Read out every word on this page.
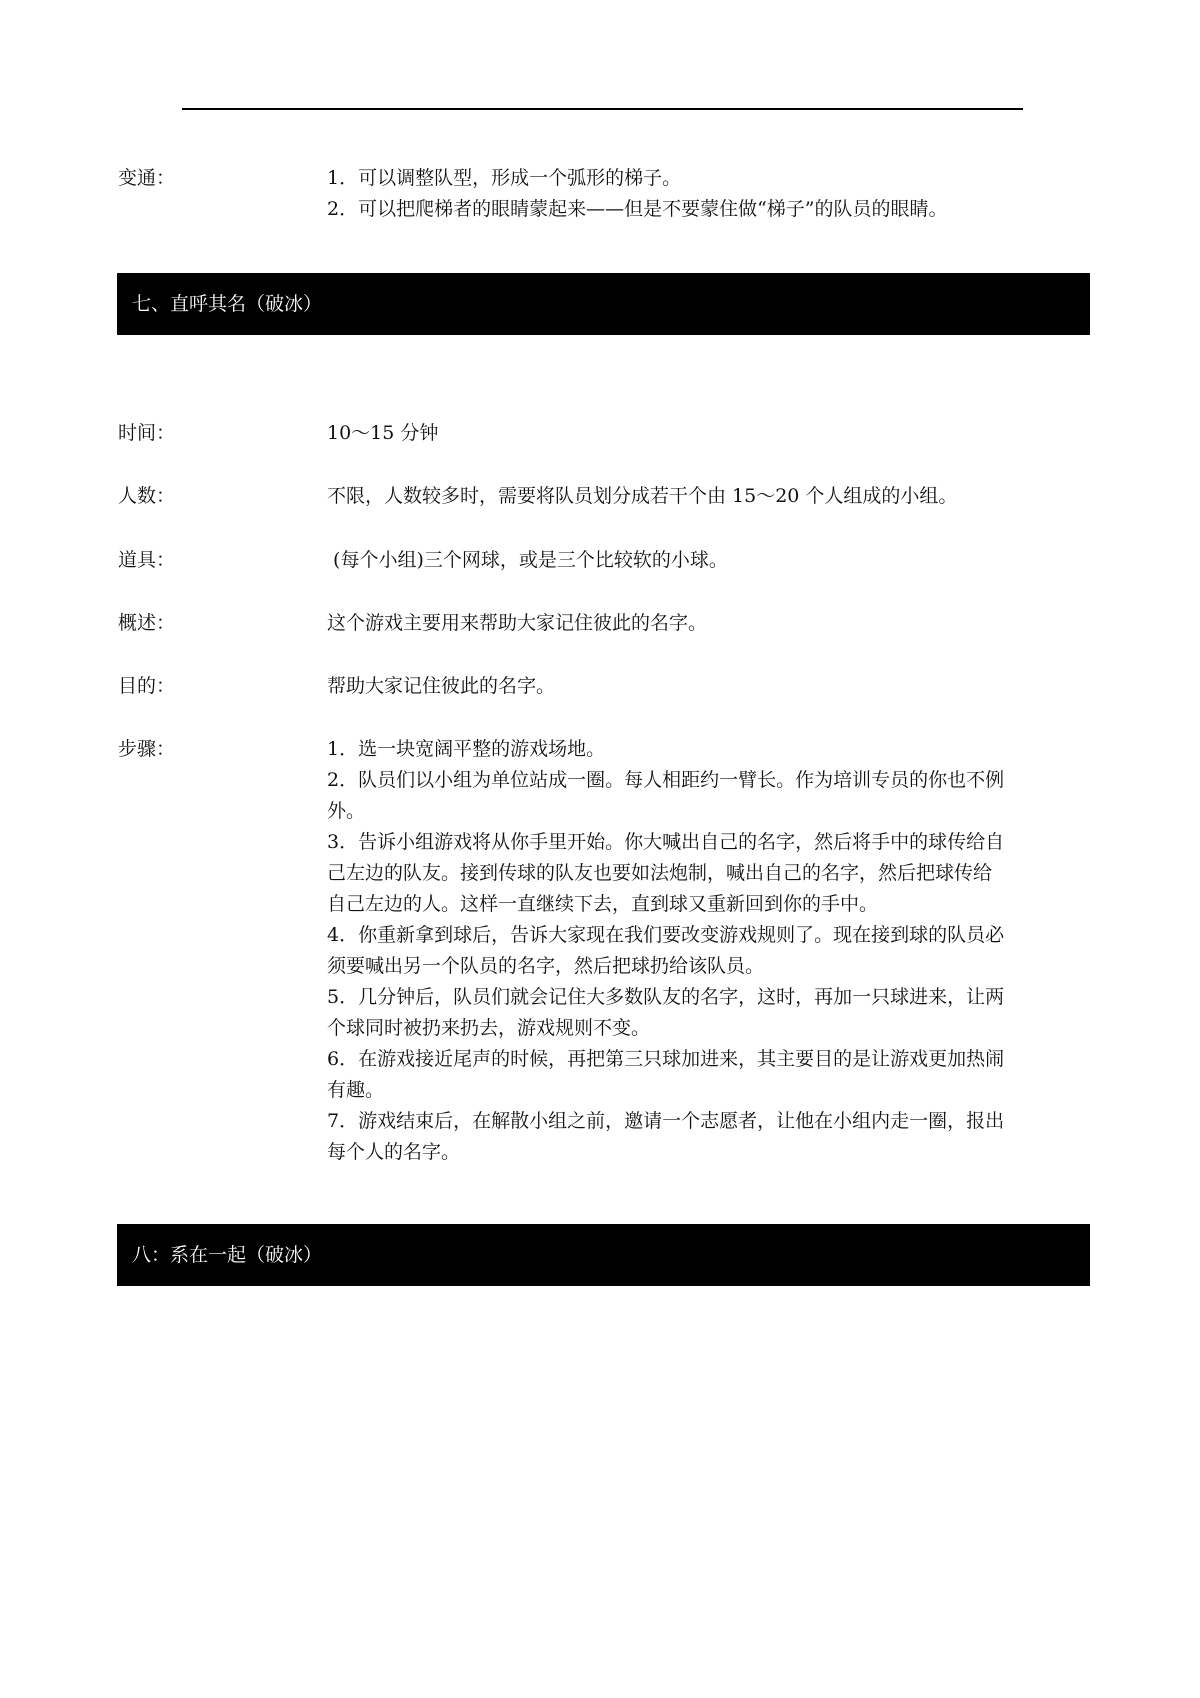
变通：	1．可以调整队型，形成一个弧形的梯子。
2．可以把爬梯者的眼睛蒙起来——但是不要蒙住做“梯子”的队员的眼睛。
七、直呼其名（破冰）
时间：	10～15 分钟
人数：	不限，人数较多时，需要将队员划分成若干个由 15～20 个人组成的小组。
道具：	(每个小组)三个网球，或是三个比较软的小球。
概述：	这个游戏主要用来帮助大家记住彼此的名字。
目的：	帮助大家记住彼此的名字。
步骤：	1．选一块宽阔平整的游戏场地。
2．队员们以小组为单位站成一圈。每人相距约一臂长。作为培训专员的你也不例
外。
3．告诉小组游戏将从你手里开始。你大喊出自己的名字，然后将手中的球传给自
己左边的队友。接到传球的队友也要如法炮制，喊出自己的名字，然后把球传给
自己左边的人。这样一直继续下去，直到球又重新回到你的手中。
4．你重新拿到球后，告诉大家现在我们要改变游戏规则了。现在接到球的队员必
须要喊出另一个队员的名字，然后把球扔给该队员。
5．几分钟后，队员们就会记住大多数队友的名字，这时，再加一只球进来，让两
个球同时被扔来扔去，游戏规则不变。
6．在游戏接近尾声的时候，再把第三只球加进来，其主要目的是让游戏更加热闹
有趣。
7．游戏结束后，在解散小组之前，邀请一个志愿者，让他在小组内走一圈，报出
每个人的名字。
八：系在一起（破冰）
